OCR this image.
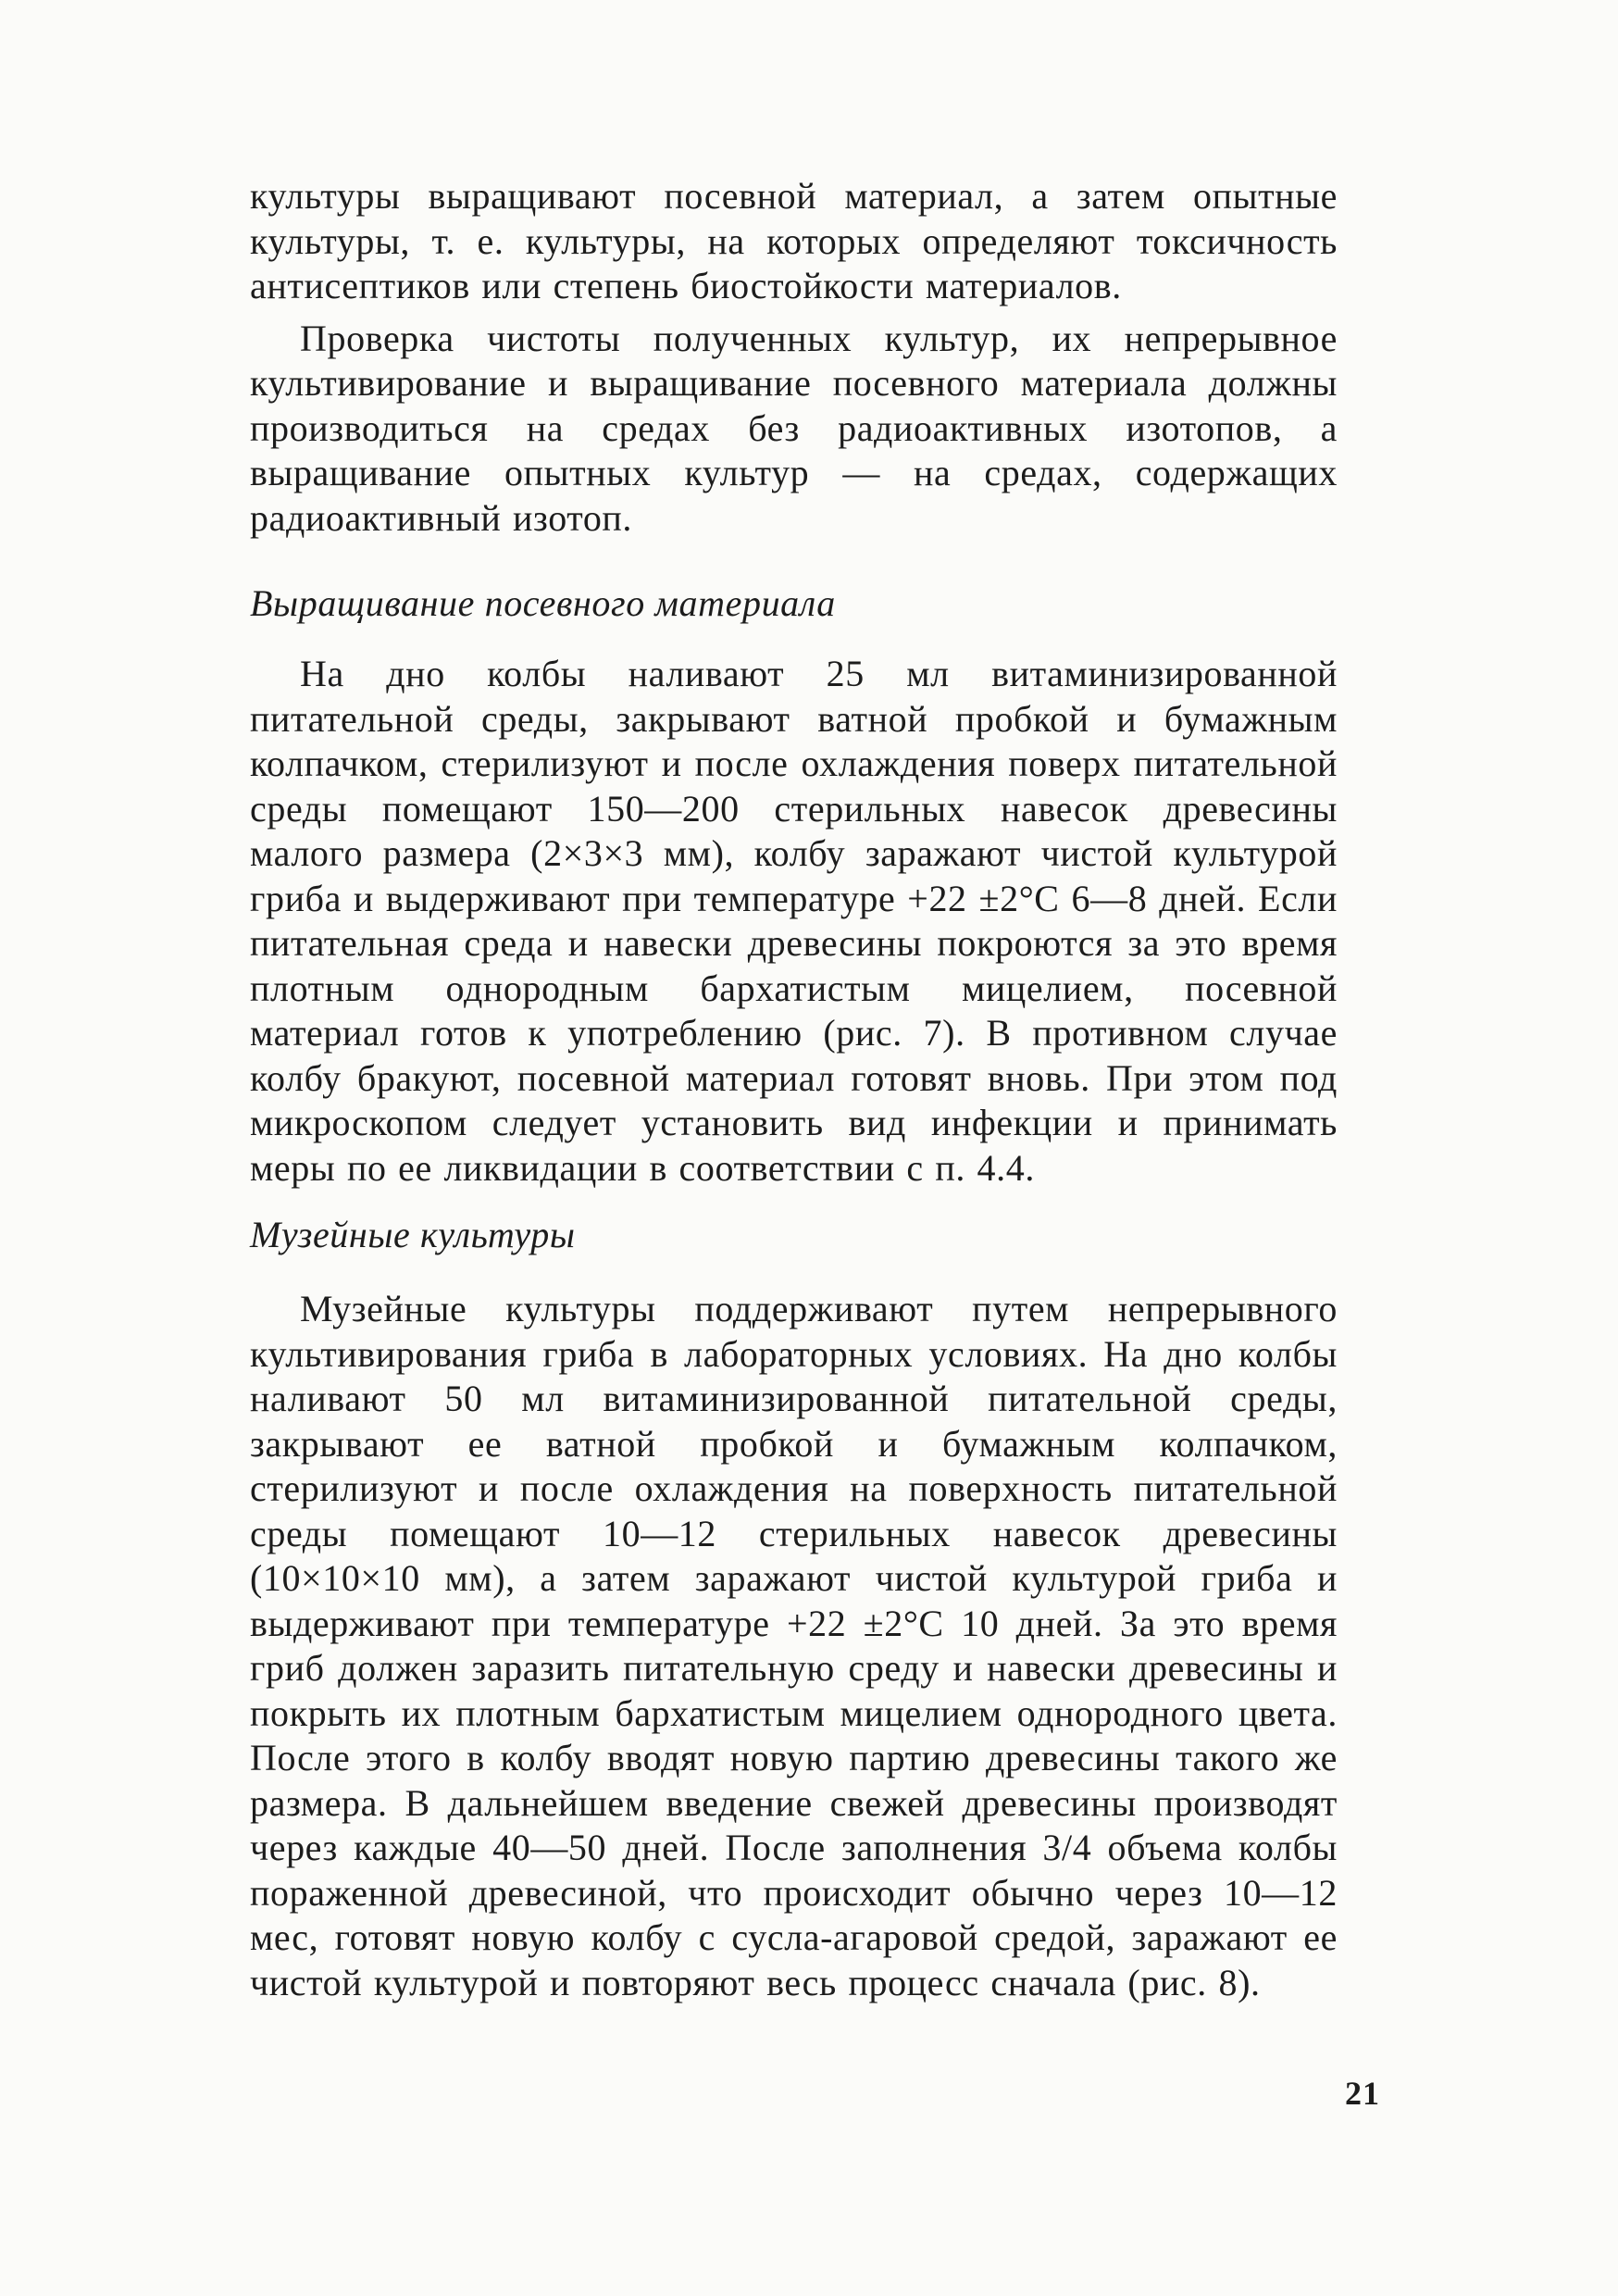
культуры выращивают посевной материал, а затем опытные культуры, т. е. культуры, на которых определяют токсичность антисептиков или степень биостойкости материалов.

Проверка чистоты полученных культур, их непрерывное культивирование и выращивание посевного материала должны производиться на средах без радиоактивных изотопов, а выращивание опытных культур — на средах, содержащих радиоактивный изотоп.

Выращивание посевного материала

На дно колбы наливают 25 мл витаминизированной питательной среды, закрывают ватной пробкой и бумажным колпачком, стерилизуют и после охлаждения поверх питательной среды помещают 150—200 стерильных навесок древесины малого размера (2×3×3 мм), колбу заражают чистой культурой гриба и выдерживают при температуре +22 ±2°C 6—8 дней. Если питательная среда и навески древесины покроются за это время плотным однородным бархатистым мицелием, посевной материал готов к употреблению (рис. 7). В противном случае колбу бракуют, посевной материал готовят вновь. При этом под микроскопом следует установить вид инфекции и принимать меры по ее ликвидации в соответствии с п. 4.4.

Музейные культуры

Музейные культуры поддерживают путем непрерывного культивирования гриба в лабораторных условиях. На дно колбы наливают 50 мл витаминизированной питательной среды, закрывают ее ватной пробкой и бумажным колпачком, стерилизуют и после охлаждения на поверхность питательной среды помещают 10—12 стерильных навесок древесины (10×10×10 мм), а затем заражают чистой культурой гриба и выдерживают при температуре +22 ±2°C 10 дней. За это время гриб должен заразить питательную среду и навески древесины и покрыть их плотным бархатистым мицелием однородного цвета. После этого в колбу вводят новую партию древесины такого же размера. В дальнейшем введение свежей древесины производят через каждые 40—50 дней. После заполнения 3/4 объема колбы пораженной древесиной, что происходит обычно через 10—12 мес, готовят новую колбу с сусла-агаровой средой, заражают ее чистой культурой и повторяют весь процесс сначала (рис. 8).

21
